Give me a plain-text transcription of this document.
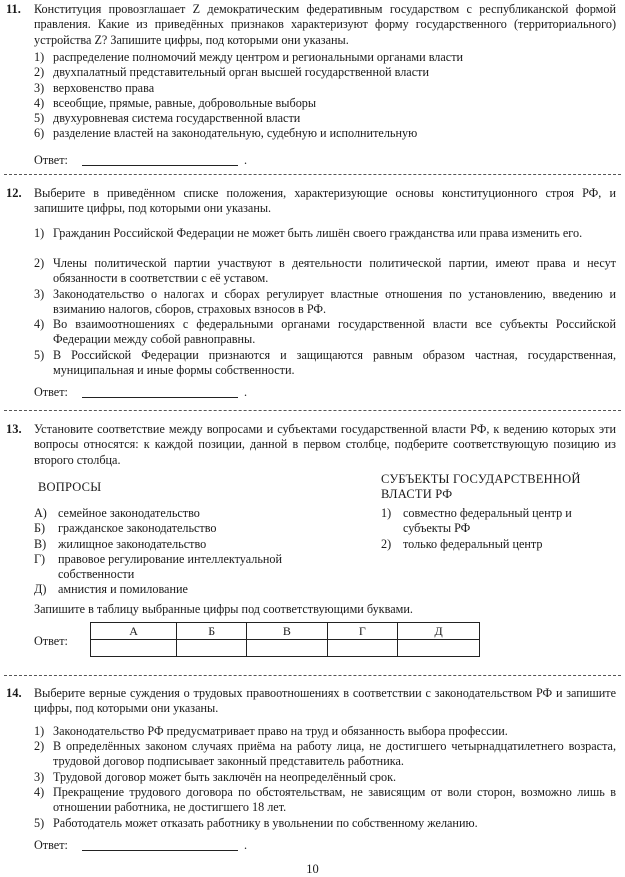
11. Конституция провозглашает Z демократическим федеративным государством с республиканской формой правления. Какие из приведённых признаков характеризуют форму государственного (территориального) устройства Z? Запишите цифры, под которыми они указаны.
1) распределение полномочий между центром и региональными органами власти
2) двухпалатный представительный орган высшей государственной власти
3) верховенство права
4) всеобщие, прямые, равные, добровольные выборы
5) двухуровневая система государственной власти
6) разделение властей на законодательную, судебную и исполнительную
Ответ:	.
12. Выберите в приведённом списке положения, характеризующие основы конституционного строя РФ, и запишите цифры, под которыми они указаны.
1) Гражданин Российской Федерации не может быть лишён своего гражданства или права изменить его.
2) Члены политической партии участвуют в деятельности политической партии, имеют права и несут обязанности в соответствии с её уставом.
3) Законодательство о налогах и сборах регулирует властные отношения по установлению, введению и взиманию налогов, сборов, страховых взносов в РФ.
4) Во взаимоотношениях с федеральными органами государственной власти все субъекты Российской Федерации между собой равноправны.
5) В Российской Федерации признаются и защищаются равным образом частная, государственная, муниципальная и иные формы собственности.
Ответ:	.
13. Установите соответствие между вопросами и субъектами государственной власти РФ, к ведению которых эти вопросы относятся: к каждой позиции, данной в первом столбце, подберите соответствующую позицию из второго столбца.
ВОПРОСЫ
СУБЪЕКТЫ ГОСУДАРСТВЕННОЙ ВЛАСТИ РФ
А) семейное законодательство
Б) гражданское законодательство
В) жилищное законодательство
Г) правовое регулирование интеллектуальной собственности
Д) амнистия и помилование
1) совместно федеральный центр и субъекты РФ
2) только федеральный центр
Запишите в таблицу выбранные цифры под соответствующими буквами.
Ответ:
А	Б	В	Г	Д

14. Выберите верные суждения о трудовых правоотношениях в соответствии с законодательством РФ и запишите цифры, под которыми они указаны.
1) Законодательство РФ предусматривает право на труд и обязанность выбора профессии.
2) В определённых законом случаях приёма на работу лица, не достигшего четырнадцатилетнего возраста, трудовой договор подписывает законный представитель работника.
3) Трудовой договор может быть заключён на неопределённый срок.
4) Прекращение трудового договора по обстоятельствам, не зависящим от воли сторон, возможно лишь в отношении работника, не достигшего 18 лет.
5) Работодатель может отказать работнику в увольнении по собственному желанию.
Ответ:	.
10
